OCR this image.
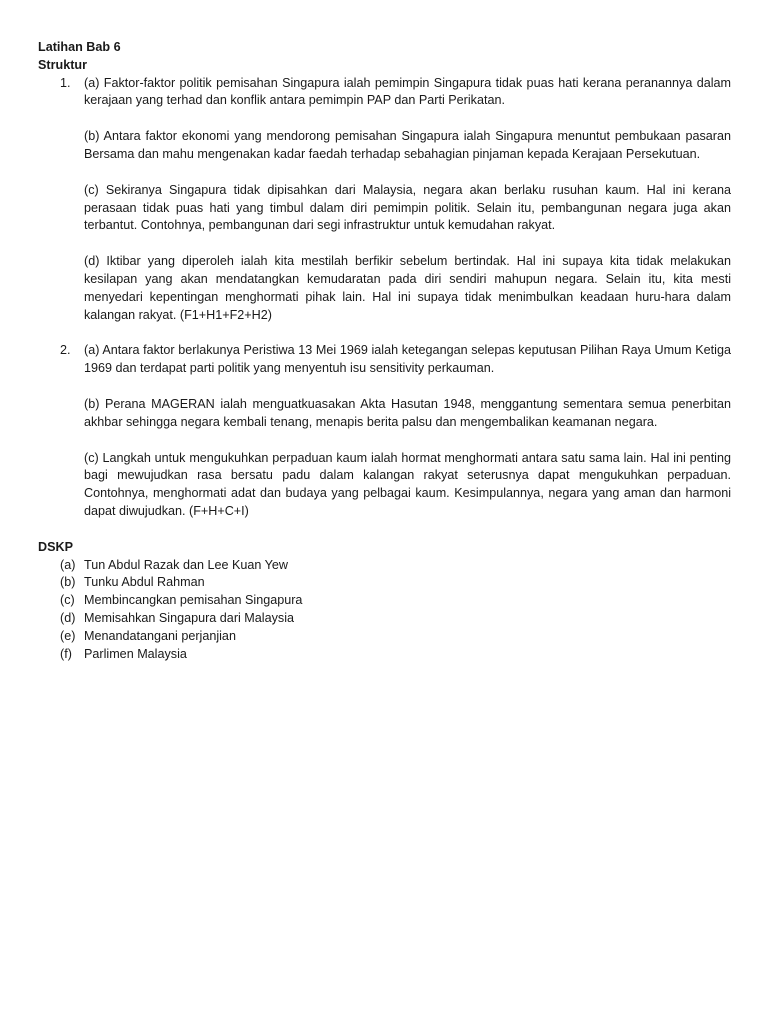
Latihan Bab 6

Struktur

1. (a) Faktor-faktor politik pemisahan Singapura ialah pemimpin Singapura tidak puas hati kerana peranannya dalam kerajaan yang terhad dan konflik antara pemimpin PAP dan Parti Perikatan.

(b) Antara faktor ekonomi yang mendorong pemisahan Singapura ialah Singapura menuntut pembukaan pasaran Bersama dan mahu mengenakan kadar faedah terhadap sebahagian pinjaman kepada Kerajaan Persekutuan.

(c) Sekiranya Singapura tidak dipisahkan dari Malaysia, negara akan berlaku rusuhan kaum. Hal ini kerana perasaan tidak puas hati yang timbul dalam diri pemimpin politik. Selain itu, pembangunan negara juga akan terbantut. Contohnya, pembangunan dari segi infrastruktur untuk kemudahan rakyat.

(d) Iktibar yang diperoleh ialah kita mestilah berfikir sebelum bertindak. Hal ini supaya kita tidak melakukan kesilapan yang akan mendatangkan kemudaratan pada diri sendiri mahupun negara. Selain itu, kita mesti menyedari kepentingan menghormati pihak lain. Hal ini supaya tidak menimbulkan keadaan huru-hara dalam kalangan rakyat. (F1+H1+F2+H2)

2. (a) Antara faktor berlakunya Peristiwa 13 Mei 1969 ialah ketegangan selepas keputusan Pilihan Raya Umum Ketiga 1969 dan terdapat parti politik yang menyentuh isu sensitivity perkauman.

(b) Perana MAGERAN ialah menguatkuasakan Akta Hasutan 1948, menggantung sementara semua penerbitan akhbar sehingga negara kembali tenang, menapis berita palsu dan mengembalikan keamanan negara.

(c) Langkah untuk mengukuhkan perpaduan kaum ialah hormat menghormati antara satu sama lain. Hal ini penting bagi mewujudkan rasa bersatu padu dalam kalangan rakyat seterusnya dapat mengukuhkan perpaduan. Contohnya, menghormati adat dan budaya yang pelbagai kaum. Kesimpulannya, negara yang aman dan harmoni dapat diwujudkan. (F+H+C+I)

DSKP

(a) Tun Abdul Razak dan Lee Kuan Yew
(b) Tunku Abdul Rahman
(c) Membincangkan pemisahan Singapura
(d) Memisahkan Singapura dari Malaysia
(e) Menandatangani perjanjian
(f) Parlimen Malaysia
